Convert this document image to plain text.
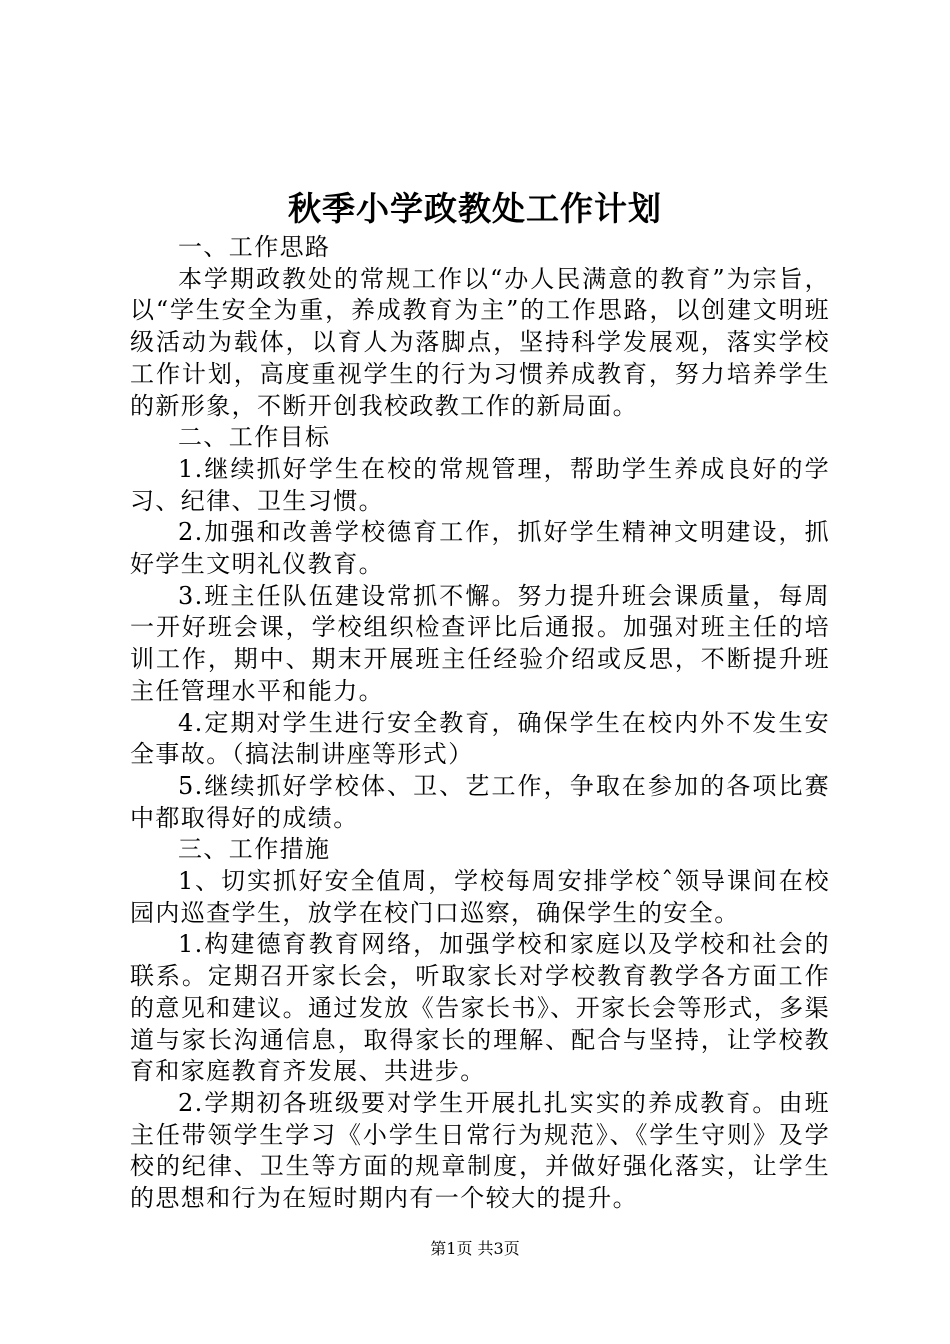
秋季小学政教处工作计划

一、工作思路

本学期政教处的常规工作以“办人民满意的教育”为宗旨，以“学生安全为重，养成教育为主”的工作思路，以创建文明班级活动为载体，以育人为落脚点，坚持科学发展观，落实学校工作计划，高度重视学生的行为习惯养成教育，努力培养学生的新形象，不断开创我校政教工作的新局面。

二、工作目标

1.继续抓好学生在校的常规管理，帮助学生养成良好的学习、纪律、卫生习惯。

2.加强和改善学校德育工作，抓好学生精神文明建设，抓好学生文明礼仪教育。

3.班主任队伍建设常抓不懈。努力提升班会课质量，每周一开好班会课，学校组织检查评比后通报。加强对班主任的培训工作，期中、期末开展班主任经验介绍或反思，不断提升班主任管理水平和能力。

4.定期对学生进行安全教育，确保学生在校内外不发生安全事故。（搞法制讲座等形式）

5.继续抓好学校体、卫、艺工作，争取在参加的各项比赛中都取得好的成绩。

三、工作措施

1、切实抓好安全值周，学校每周安排学校ˆ领导课间在校园内巡查学生，放学在校门口巡察，确保学生的安全。

1.构建德育教育网络，加强学校和家庭以及学校和社会的联系。定期召开家长会，听取家长对学校教育教学各方面工作的意见和建议。通过发放《告家长书》、开家长会等形式，多渠道与家长沟通信息，取得家长的理解、配合与坚持，让学校教育和家庭教育齐发展、共进步。

2.学期初各班级要对学生开展扎扎实实的养成教育。由班主任带领学生学习《小学生日常行为规范》、《学生守则》及学校的纪律、卫生等方面的规章制度，并做好强化落实，让学生的思想和行为在短时期内有一个较大的提升。

第1页 共3页
